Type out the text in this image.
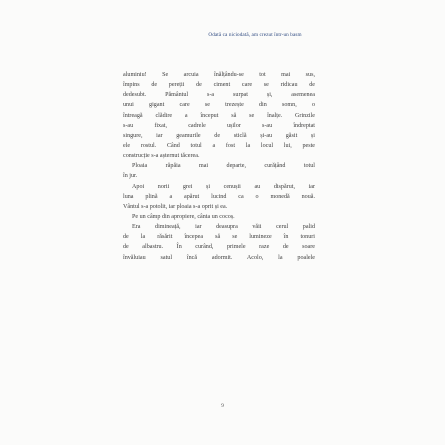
Odată ca niciodată, am crezut într-un basm
aluminiu! Se arcuia înălțându-se tot mai sus,
împins de pereții de ciment care se ridicau de
dedesubt. Pământul s-a surpat și, asemenea
unui gigant care se trezește din somn, o
întreagă clădire a început să se înalțe. Grinzile
s-au fixat, cadrele ușilor s-au îndreptat
singure, iar geamurile de sticlă și-au găsit și
ele rostul. Când totul a fost la locul lui, peste
construcție s-a așternut tăcerea.
Ploaia răpăia mai departe, curățând totul
în jur.
Apoi norii grei și cenușii au dispărut, iar
luna plină a apărut lucind ca o monedă nouă.
Vântul s-a potolit, iar ploaia s-a oprit și ea.
Pe un câmp din apropiere, cânta un cocoș.
Era dimineață, iar deasupra văii cerul palid
de la răsărit începea să se lumineze în tonuri
de albastru. În curând, primele raze de soare
învăluiau satul încă adormit. Acolo, la poalele
9
